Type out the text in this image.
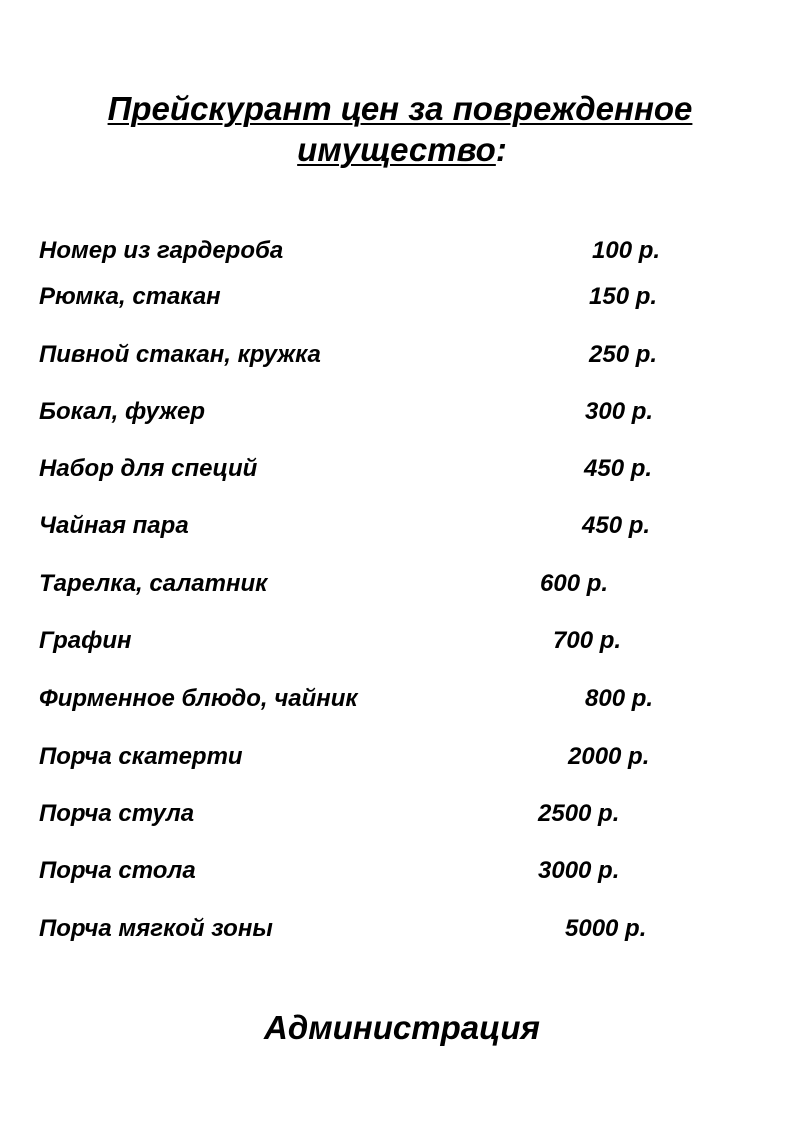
Прейскурант цен за поврежденное
имущество:
Номер из гардероба	100 р.
Рюмка, стакан	150 р.
Пивной стакан, кружка	250 р.
Бокал, фужер	300 р.
Набор для специй	450 р.
Чайная пара	450 р.
Тарелка, салатник	600 р.
Графин	700 р.
Фирменное блюдо, чайник	800 р.
Порча скатерти	2000 р.
Порча стула	2500 р.
Порча стола	3000 р.
Порча мягкой зоны	5000 р.
Администрация
